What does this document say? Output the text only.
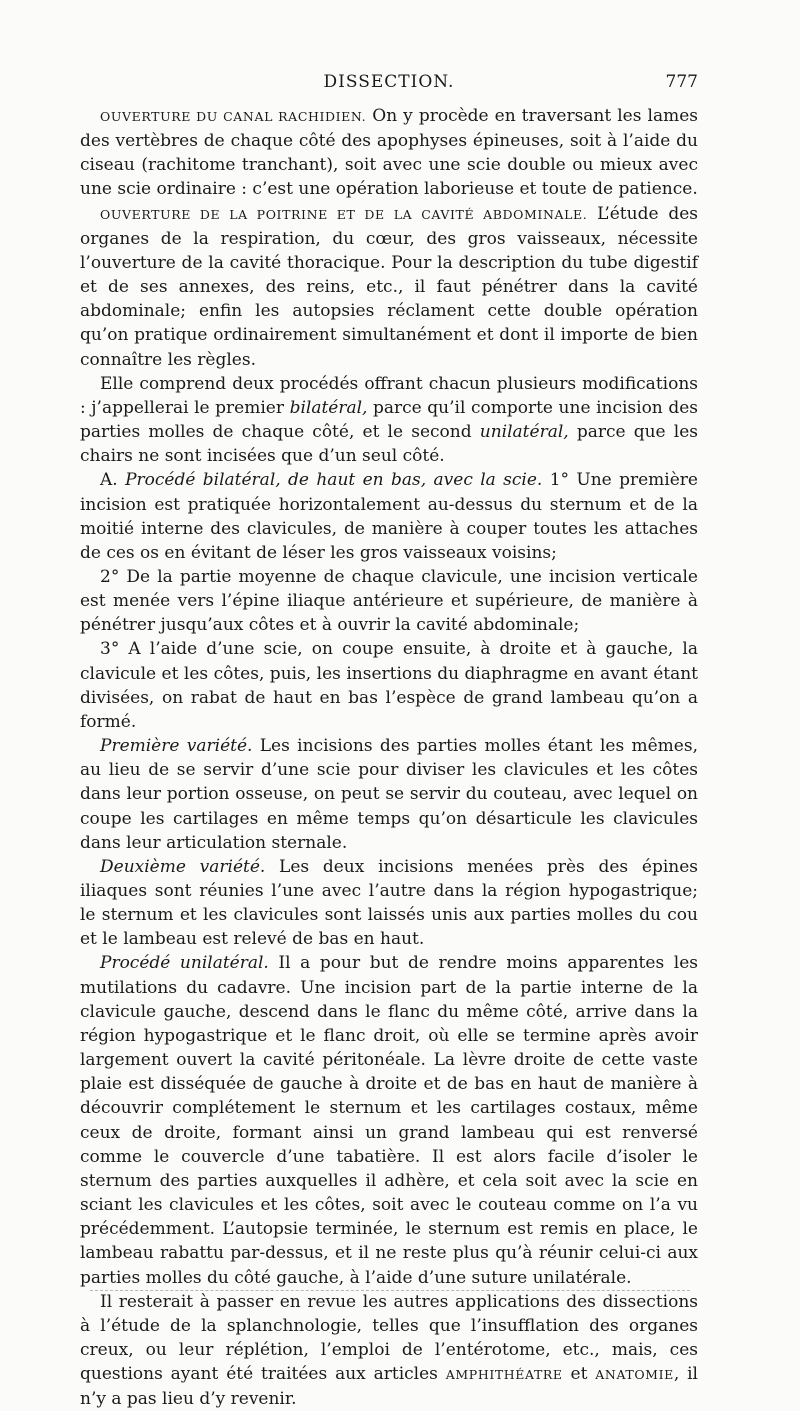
DISSECTION.	777

OUVERTURE DU CANAL RACHIDIEN. On y procède en traversant les lames des vertèbres de chaque côté des apophyses épineuses, soit à l’aide du ciseau (rachitome tranchant), soit avec une scie double ou mieux avec une scie ordinaire : c’est une opération laborieuse et toute de patience.

OUVERTURE DE LA POITRINE ET DE LA CAVITÉ ABDOMINALE. L’étude des organes de la respiration, du cœur, des gros vaisseaux, nécessite l’ouverture de la cavité thoracique. Pour la description du tube digestif et de ses annexes, des reins, etc., il faut pénétrer dans la cavité abdominale; enfin les autopsies réclament cette double opération qu’on pratique ordinairement simultanément et dont il importe de bien connaître les règles.

Elle comprend deux procédés offrant chacun plusieurs modifications : j’appellerai le premier bilatéral, parce qu’il comporte une incision des parties molles de chaque côté, et le second unilatéral, parce que les chairs ne sont incisées que d’un seul côté.

A. Procédé bilatéral, de haut en bas, avec la scie. 1° Une première incision est pratiquée horizontalement au-dessus du sternum et de la moitié interne des clavicules, de manière à couper toutes les attaches de ces os en évitant de léser les gros vaisseaux voisins;

2° De la partie moyenne de chaque clavicule, une incision verticale est menée vers l’épine iliaque antérieure et supérieure, de manière à pénétrer jusqu’aux côtes et à ouvrir la cavité abdominale;

3° A l’aide d’une scie, on coupe ensuite, à droite et à gauche, la clavicule et les côtes, puis, les insertions du diaphragme en avant étant divisées, on rabat de haut en bas l’espèce de grand lambeau qu’on a formé.

Première variété. Les incisions des parties molles étant les mêmes, au lieu de se servir d’une scie pour diviser les clavicules et les côtes dans leur portion osseuse, on peut se servir du couteau, avec lequel on coupe les cartilages en même temps qu’on désarticule les clavicules dans leur articulation sternale.

Deuxième variété. Les deux incisions menées près des épines iliaques sont réunies l’une avec l’autre dans la région hypogastrique; le sternum et les clavicules sont laissés unis aux parties molles du cou et le lambeau est relevé de bas en haut.

Procédé unilatéral. Il a pour but de rendre moins apparentes les mutilations du cadavre. Une incision part de la partie interne de la clavicule gauche, descend dans le flanc du même côté, arrive dans la région hypogastrique et le flanc droit, où elle se termine après avoir largement ouvert la cavité péritonéale. La lèvre droite de cette vaste plaie est disséquée de gauche à droite et de bas en haut de manière à découvrir complétement le sternum et les cartilages costaux, même ceux de droite, formant ainsi un grand lambeau qui est renversé comme le couvercle d’une tabatière. Il est alors facile d’isoler le sternum des parties auxquelles il adhère, et cela soit avec la scie en sciant les clavicules et les côtes, soit avec le couteau comme on l’a vu précédemment. L’autopsie terminée, le sternum est remis en place, le lambeau rabattu par-dessus, et il ne reste plus qu’à réunir celui-ci aux parties molles du côté gauche, à l’aide d’une suture unilatérale.

Il resterait à passer en revue les autres applications des dissections à l’étude de la splanchnologie, telles que l’insufflation des organes creux, ou leur réplétion, l’emploi de l’entérotome, etc., mais, ces questions ayant été traitées aux articles AMPHITHÉATRE et ANATOMIE, il n’y a pas lieu d’y revenir.
